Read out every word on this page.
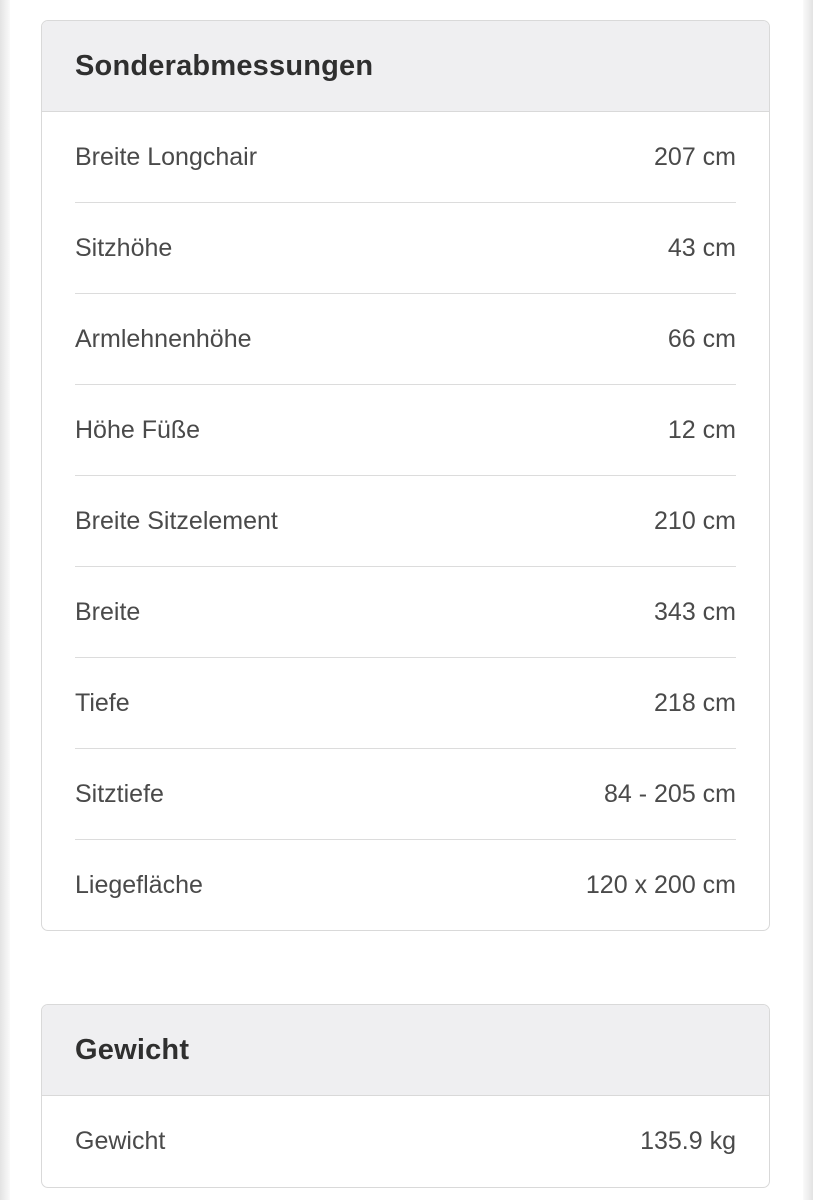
Sonderabmessungen
Breite Longchair	207 cm
Sitzhöhe	43 cm
Armlehnenhöhe	66 cm
Höhe Füße	12 cm
Breite Sitzelement	210 cm
Breite	343 cm
Tiefe	218 cm
Sitztiefe	84 - 205 cm
Liegefläche	120 x 200 cm
Gewicht
Gewicht	135.9 kg
